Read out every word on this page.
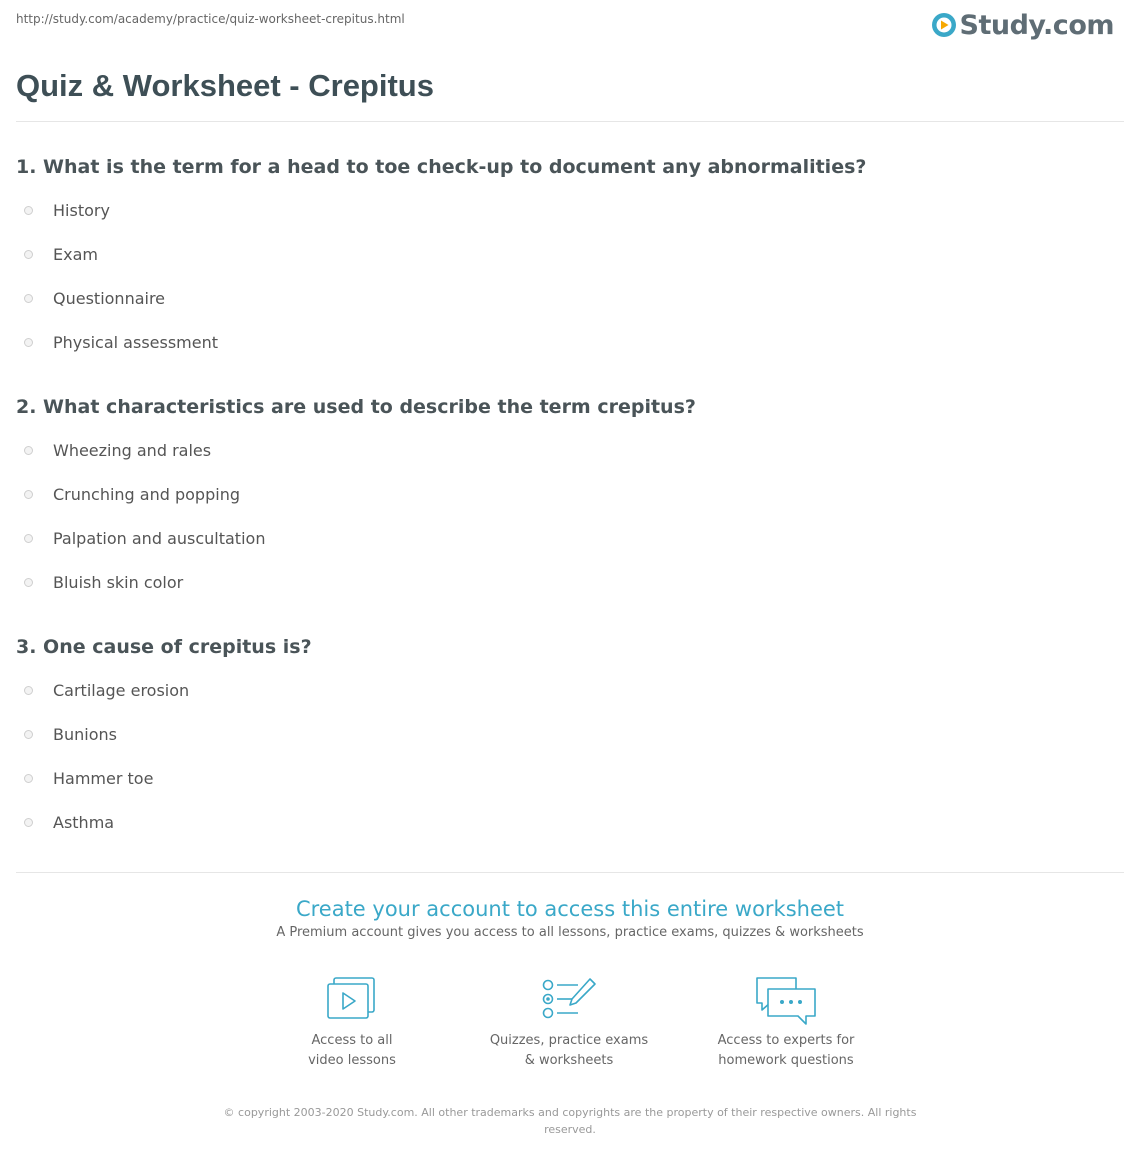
http://study.com/academy/practice/quiz-worksheet-crepitus.html	Study.com
Quiz & Worksheet - Crepitus
1. What is the term for a head to toe check-up to document any abnormalities?
History
Exam
Questionnaire
Physical assessment
2. What characteristics are used to describe the term crepitus?
Wheezing and rales
Crunching and popping
Palpation and auscultation
Bluish skin color
3. One cause of crepitus is?
Cartilage erosion
Bunions
Hammer toe
Asthma

Create your account to access this entire worksheet

A Premium account gives you access to all lessons, practice exams, quizzes & worksheets
Access to all
video lessons
Quizzes, practice exams
& worksheets
Access to experts for
homework questions
© copyright 2003-2020 Study.com. All other trademarks and copyrights are the property of their respective owners. All rights reserved.
